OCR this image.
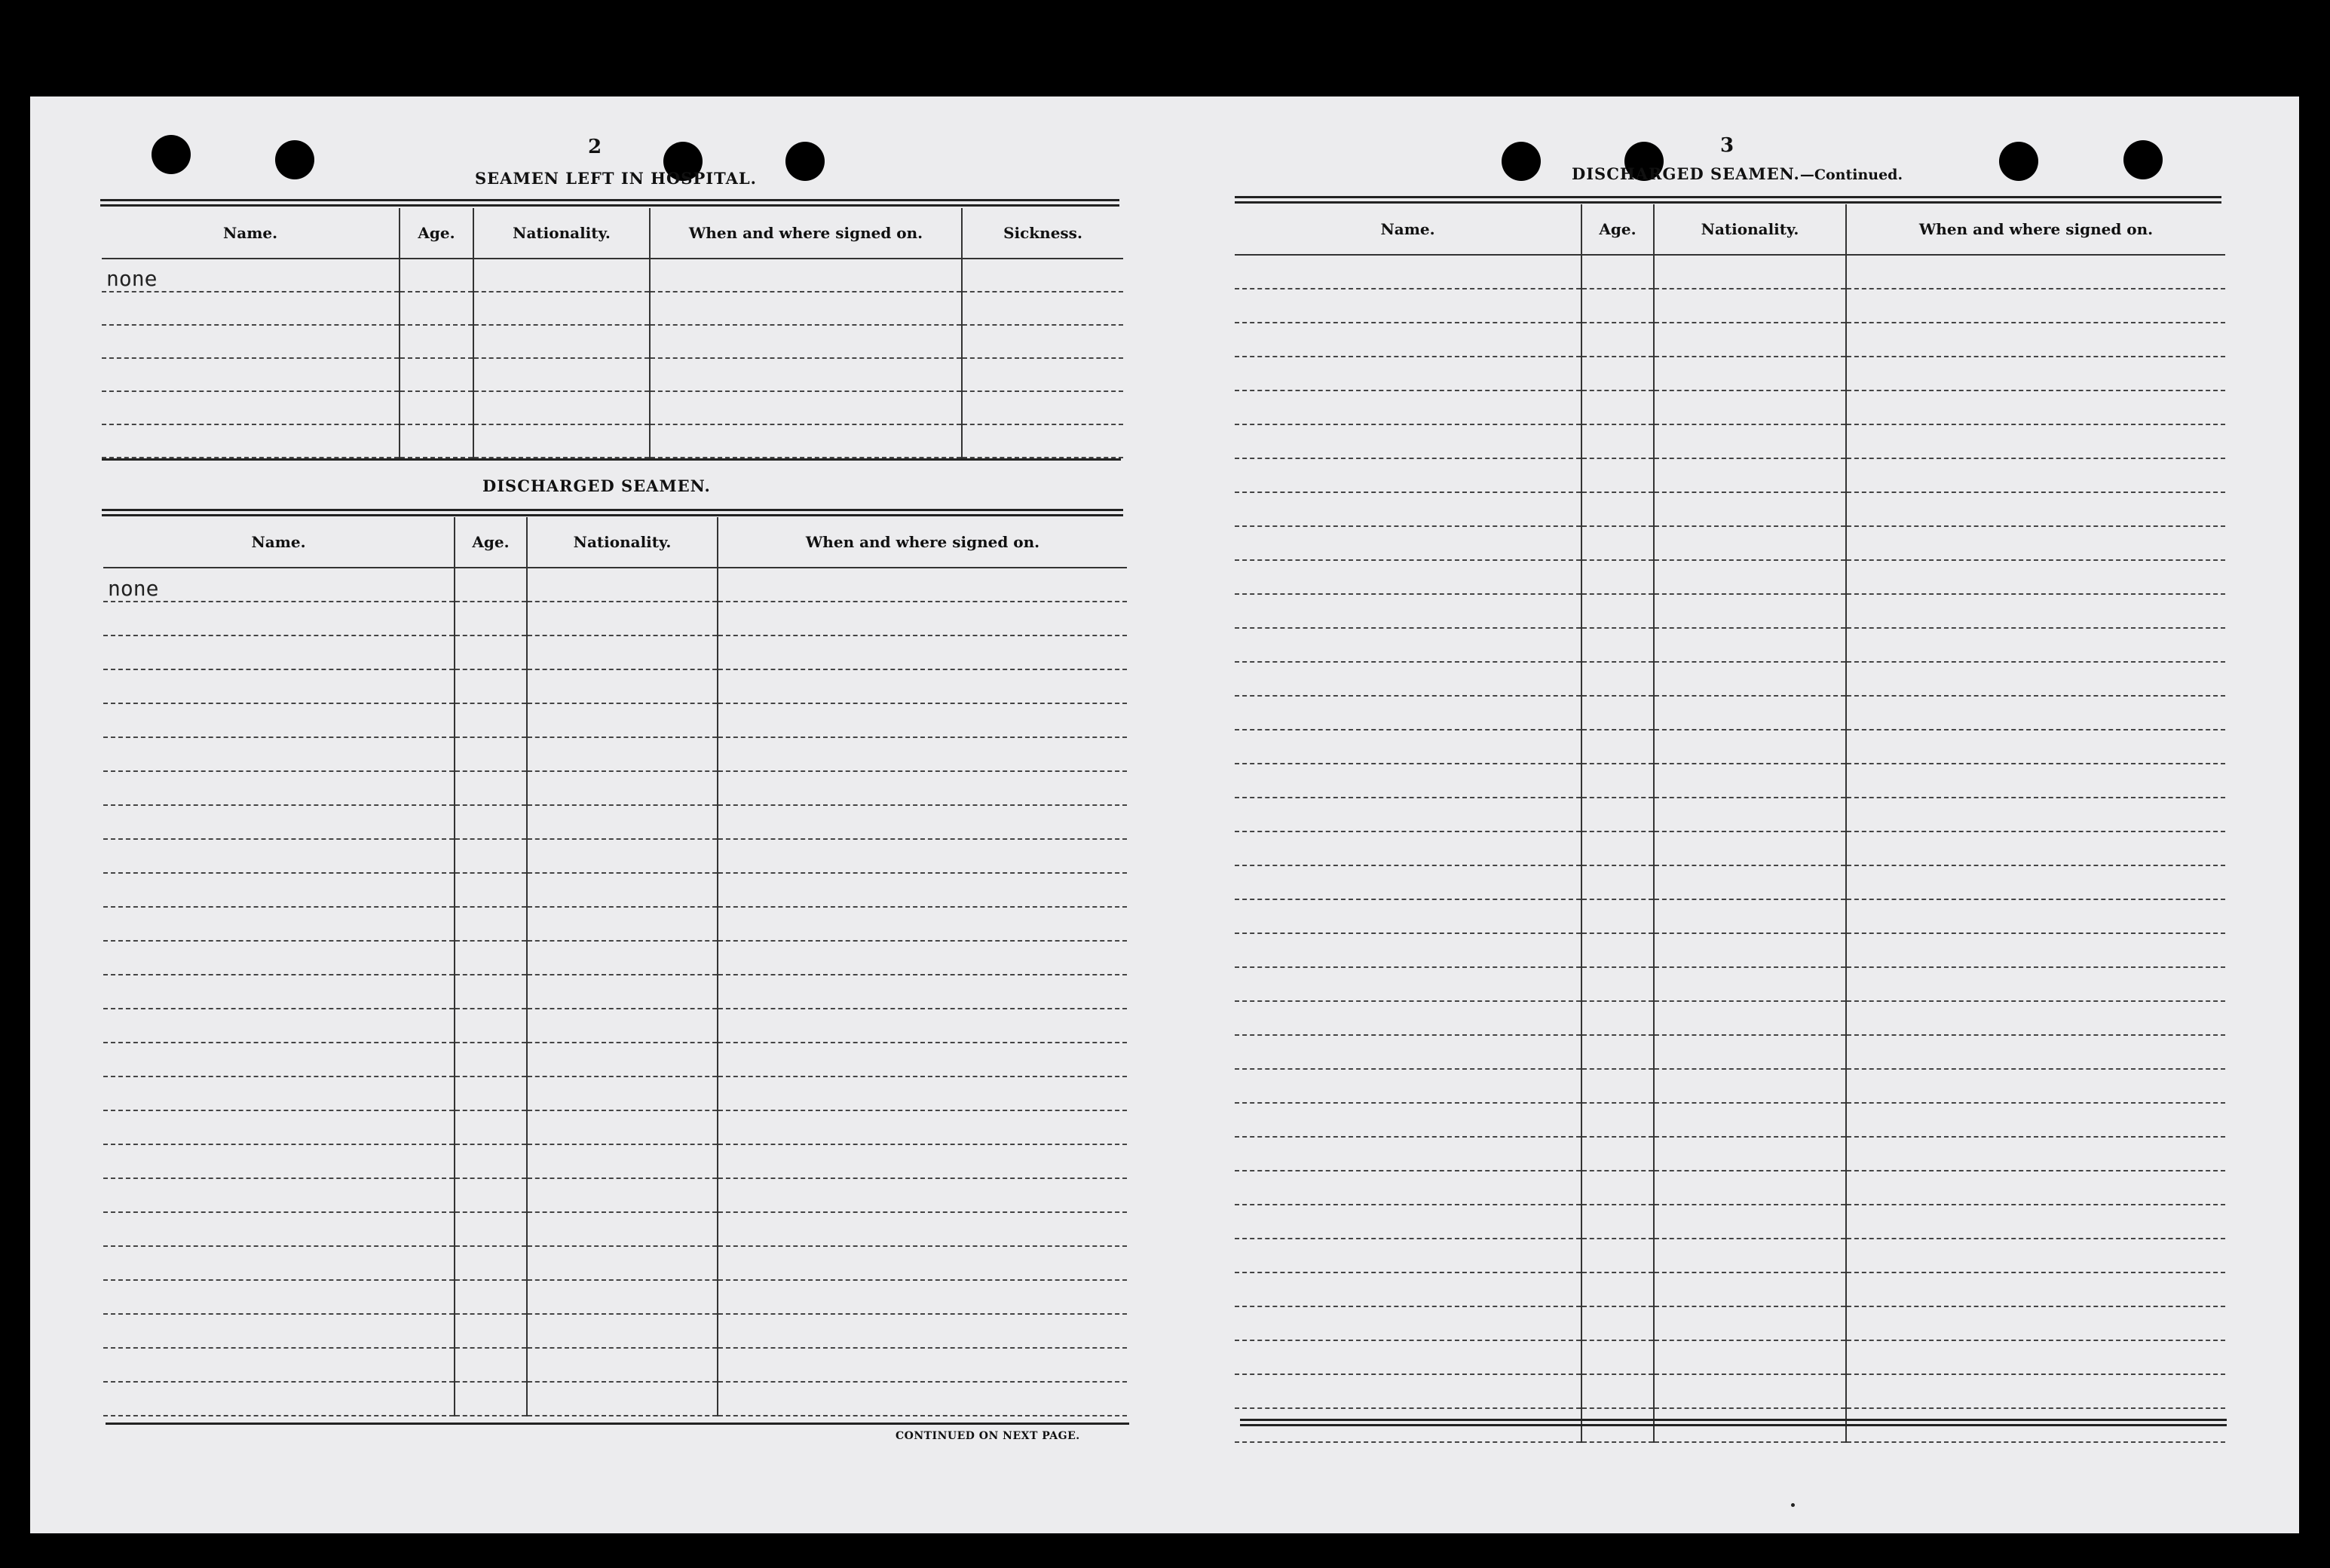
2
SEAMEN LEFT IN HOSPITAL.
Name.	Age.	Nationality.	When and where signed on.	Sickness.
none				

DISCHARGED SEAMEN.
Name.	Age.	Nationality.	When and where signed on.
none			

CONTINUED ON NEXT PAGE.
3
DISCHARGED SEAMEN.—Continued.
Name.	Age.	Nationality.	When and where signed on.
